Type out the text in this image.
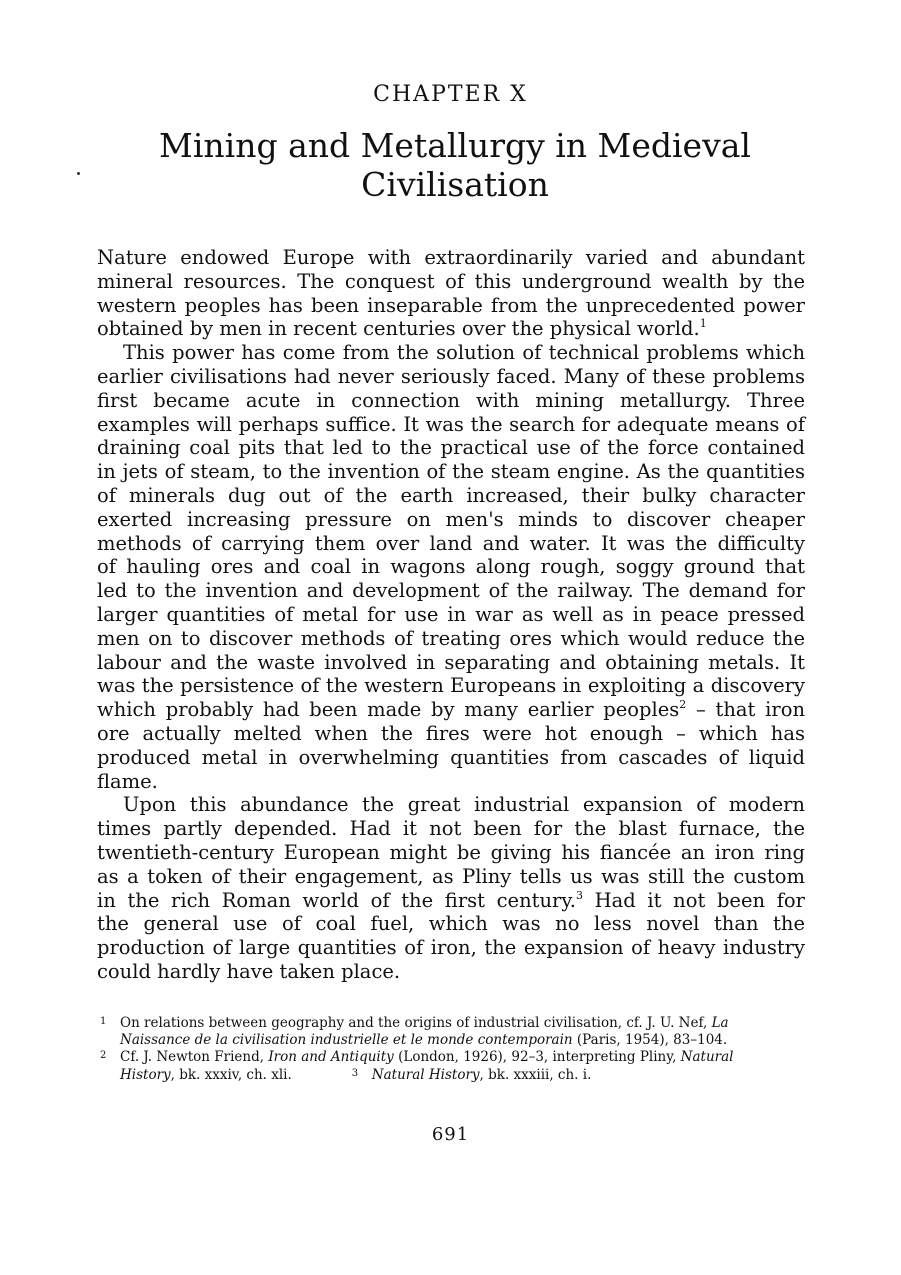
CHAPTER X
Mining and Metallurgy in Medieval
Civilisation
Nature endowed Europe with extraordinarily varied and abundant
mineral resources. The conquest of this underground wealth by the
western peoples has been inseparable from the unprecedented power
obtained by men in recent centuries over the physical world.$^1$
This power has come from the solution of technical problems which
earlier civilisations had never seriously faced. Many of these problems
first became acute in connection with mining metallurgy. Three
examples will perhaps suffice. It was the search for adequate means of
draining coal pits that led to the practical use of the force contained
in jets of steam, to the invention of the steam engine. As the quantities
of minerals dug out of the earth increased, their bulky character
exerted increasing pressure on men's minds to discover cheaper
methods of carrying them over land and water. It was the difficulty
of hauling ores and coal in wagons along rough, soggy ground that
led to the invention and development of the railway. The demand for
larger quantities of metal for use in war as well as in peace pressed
men on to discover methods of treating ores which would reduce the
labour and the waste involved in separating and obtaining metals. It
was the persistence of the western Europeans in exploiting a discovery
which probably had been made by many earlier peoples$^2$ – that iron
ore actually melted when the fires were hot enough – which has
produced metal in overwhelming quantities from cascades of liquid
flame.
Upon this abundance the great industrial expansion of modern
times partly depended. Had it not been for the blast furnace, the
twentieth-century European might be giving his fiancée an iron ring
as a token of their engagement, as Pliny tells us was still the custom
in the rich Roman world of the first century.$^3$ Had it not been for
the general use of coal fuel, which was no less novel than the
production of large quantities of iron, the expansion of heavy industry
could hardly have taken place.
1 On relations between geography and the origins of industrial civilisation, cf. J. U. Nef, La
Naissance de la civilisation industrielle et le monde contemporain (Paris, 1954), 83–104.
2 Cf. J. Newton Friend, Iron and Antiquity (London, 1926), 92–3, interpreting Pliny, Natural
History, bk. xxxiv, ch. xli.	3 Natural History, bk. xxxiii, ch. i.
691
